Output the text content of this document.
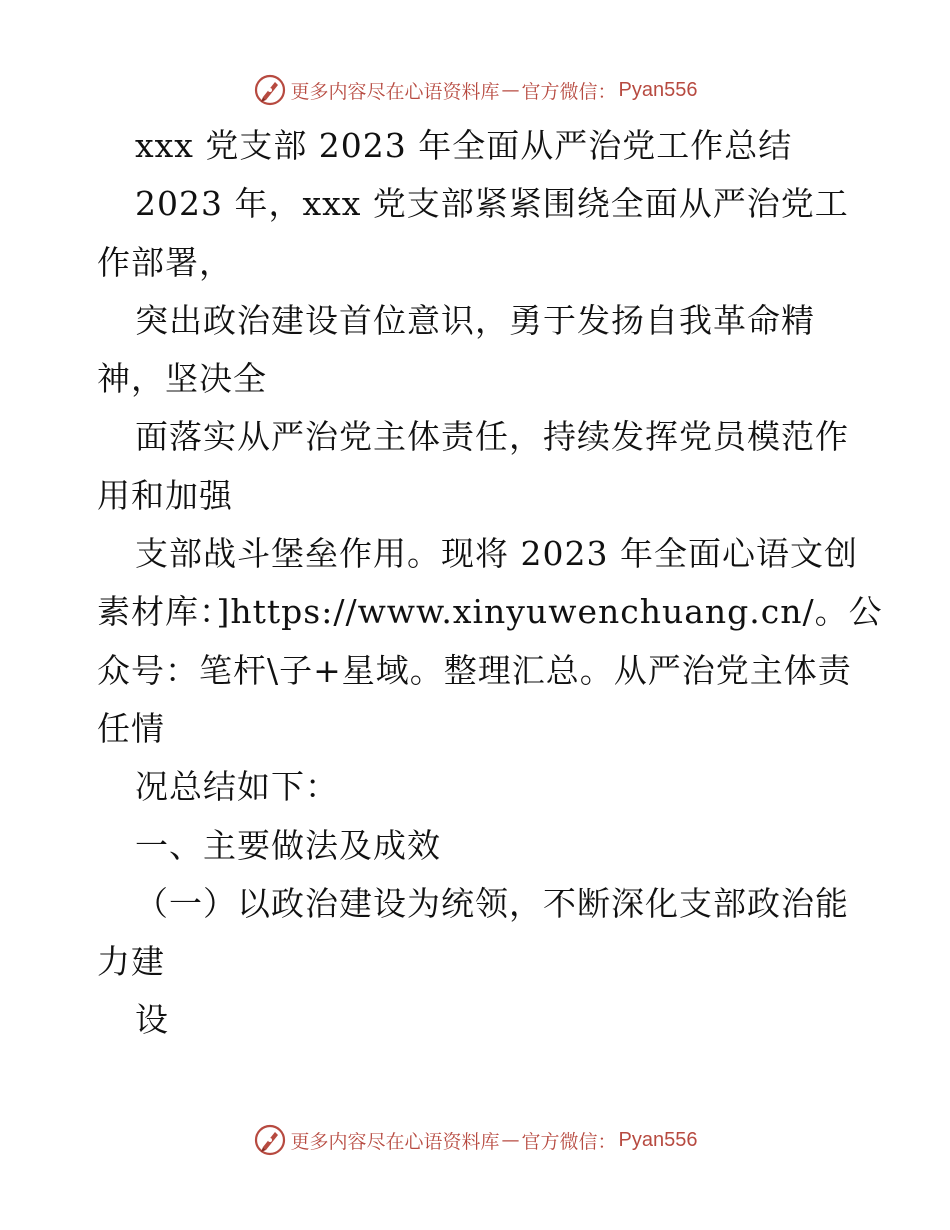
更多内容尽在心语资料库 — 官方微信： Pyan556
xxx 党支部 2023 年全面从严治党工作总结
2023 年，xxx 党支部紧紧围绕全面从严治党工
作部署，
突出政治建设首位意识，勇于发扬自我革命精
神，坚决全
面落实从严治党主体责任，持续发挥党员模范作
用和加强
支部战斗堡垒作用。现将 2023 年全面心语文创
素材库：]https://www.xinyuwenchuang.cn/。公
众号：笔杆\子+星域。整理汇总。从严治党主体责
任情
况总结如下：
一、主要做法及成效
（一）以政治建设为统领，不断深化支部政治能
力建
设
更多内容尽在心语资料库 — 官方微信： Pyan556
